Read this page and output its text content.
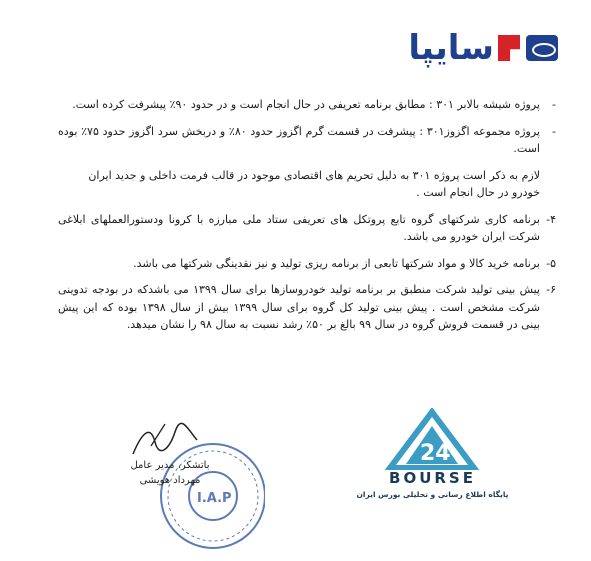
سایپا
-
پروژه شیشه بالابر ۳۰۱ : مطابق برنامه تعریفی در حال انجام است و در حدود ۹۰٪ پیشرفت کرده است.
-
پروژه مجموعه اگزوز۳۰۱ : پیشرفت در قسمت گرم اگزوز حدود ۸۰٪ و دربخش سرد اگزوز حدود ۷۵٪ بوده است.
لازم به ذکر است پروژه ۳۰۱ به دلیل تحریم های اقتصادی موجود در قالب فرمت داخلی و جدید ایران خودرو در حال انجام است .
۴-
برنامه کاری شرکتهای گروه تابع پروتکل های تعریفی ستاد ملی مبارزه با کرونا ودستورالعملهای ابلاغی شرکت ایران خودرو می باشد.
۵-
برنامه خرید کالا و مواد شرکتها تابعی از برنامه ریزی تولید و نیز نقدینگی شرکتها می باشد.
۶-
پیش بینی تولید شرکت منطبق بر برنامه تولید خودروسازها برای سال ۱۳۹۹ می باشدکه در بودجه تدوینی شرکت مشخص است . پیش بینی تولید کل گروه برای سال ۱۳۹۹ بیش از سال ۱۳۹۸ بوده که این پیش بینی در قسمت فروش گروه در سال ۹۹ بالغ بر ۵۰٪ رشد نسبت به سال ۹۸ را نشان میدهد.
I.A.P
باتشکر، مدیر عامل
مهرداد هویشی
24
BOURSE
پایگاه اطلاع رسانی و تحلیلی بورس ایران
